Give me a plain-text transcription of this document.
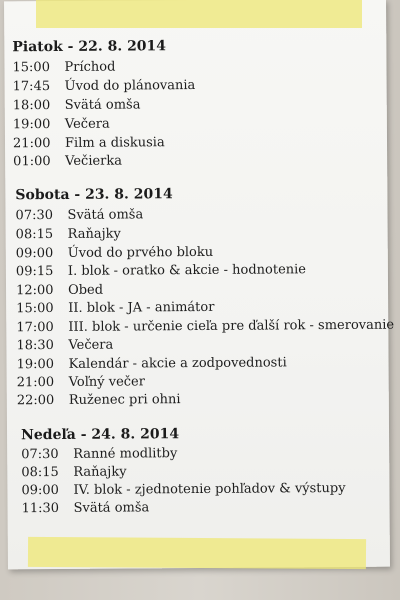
Piatok - 22. 8. 2014
15:00 Príchod
17:45 Úvod do plánovania
18:00 Svätá omša
19:00 Večera
21:00 Film a diskusia
01:00 Večierka
Sobota - 23. 8. 2014
07:30 Svätá omša
08:15 Raňajky
09:00 Úvod do prvého bloku
09:15 I. blok - oratko & akcie - hodnotenie
12:00 Obed
15:00 II. blok - JA - animátor
17:00 III. blok - určenie cieľa pre ďalší rok - smerovanie
18:30 Večera
19:00 Kalendár - akcie a zodpovednosti
21:00 Voľný večer
22:00 Ruženec pri ohni
Nedeľa - 24. 8. 2014
07:30 Ranné modlitby
08:15 Raňajky
09:00 IV. blok - zjednotenie pohľadov & výstupy
11:30 Svätá omša
